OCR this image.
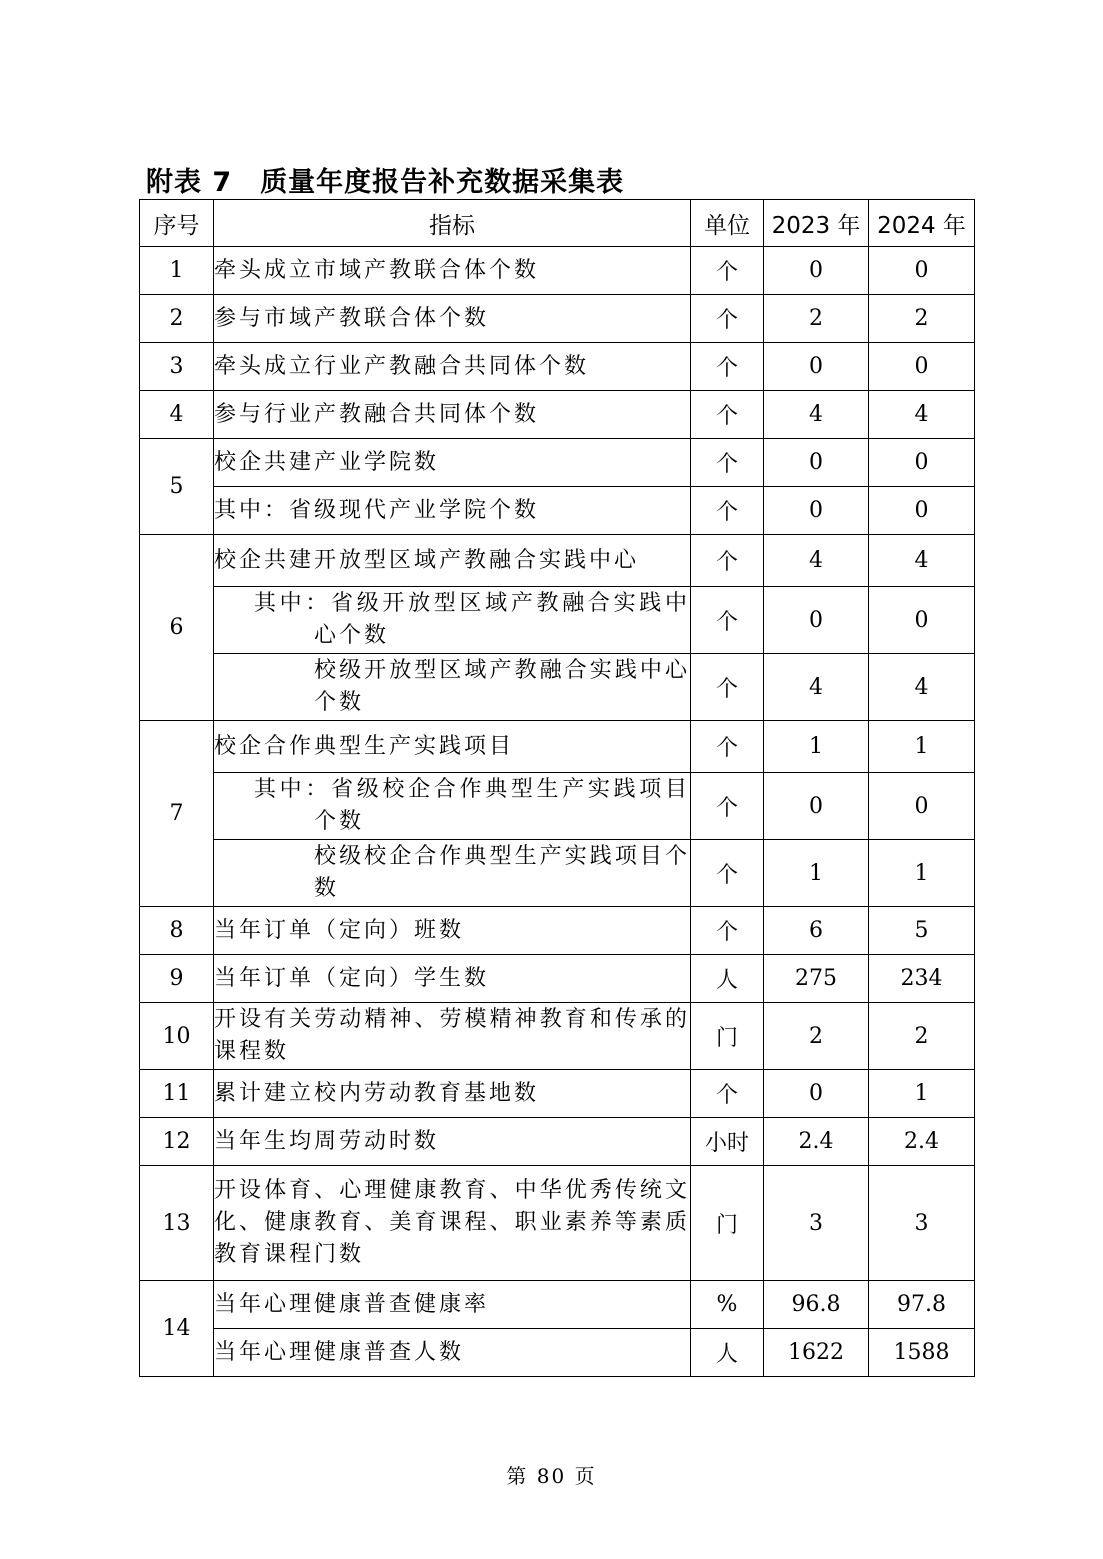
附表 7 质量年度报告补充数据采集表
序号	指标	单位	2023 年	2024 年
1	牵头成立市域产教联合体个数	个	0	0
2	参与市域产教联合体个数	个	2	2
3	牵头成立行业产教融合共同体个数	个	0	0
4	参与行业产教融合共同体个数	个	4	4
5	校企共建产业学院数	个	0	0
	其中：省级现代产业学院个数	个	0	0
6	校企共建开放型区域产教融合实践中心	个	4	4

	其中：省级开放型区域产教融合实践中心个数	个	0	0
	校级开放型区域产教融合实践中心个数	个	4	4
7	校企合作典型生产实践项目	个	1	1

	其中：省级校企合作典型生产实践项目个数	个	0	0
	校级校企合作典型生产实践项目个数	个	1	1
8	当年订单（定向）班数	个	6	5
9	当年订单（定向）学生数	人	275	234
10	开设有关劳动精神、劳模精神教育和传承的课程数	门	2	2
11	累计建立校内劳动教育基地数	个	0	1
12	当年生均周劳动时数	小时	2.4	2.4
13	开设体育、心理健康教育、中华优秀传统文化、健康教育、美育课程、职业素养等素质教育课程门数	门	3	3
14	当年心理健康普查健康率	%	96.8	97.8
	当年心理健康普查人数	人	1622	1588
第 80 页
